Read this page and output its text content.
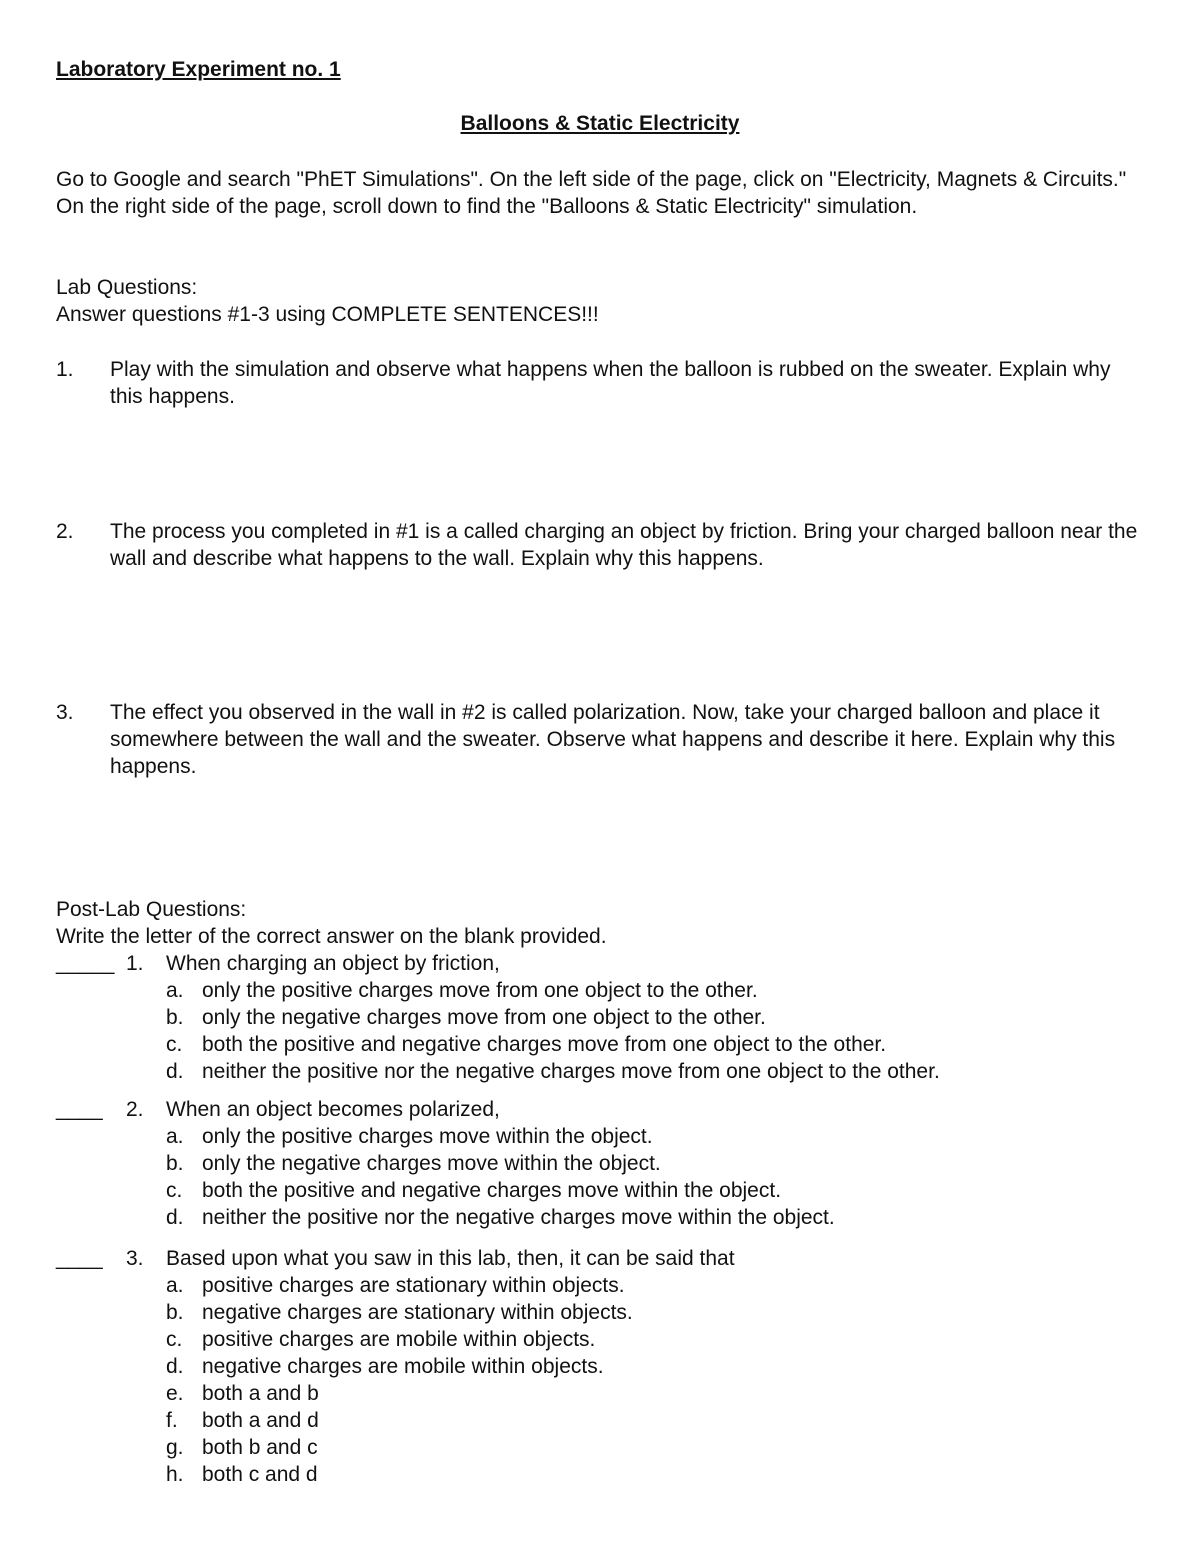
Laboratory Experiment no. 1

Balloons & Static Electricity

Go to Google and search "PhET Simulations". On the left side of the page, click on "Electricity, Magnets & Circuits." On the right side of the page, scroll down to find the "Balloons & Static Electricity" simulation.

Lab Questions:

Answer questions #1-3 using COMPLETE SENTENCES!!!

1.	Play with the simulation and observe what happens when the balloon is rubbed on the sweater. Explain why this happens.
2.	The process you completed in #1 is a called charging an object by friction. Bring your charged balloon near the wall and describe what happens to the wall. Explain why this happens.
3.	The effect you observed in the wall in #2 is called polarization. Now, take your charged balloon and place it somewhere between the wall and the sweater. Observe what happens and describe it here. Explain why this happens.

Post-Lab Questions:

Write the letter of the correct answer on the blank provided.

_____ 1.	When charging an object by friction,
a. only the positive charges move from one object to the other.
b. only the negative charges move from one object to the other.
c. both the positive and negative charges move from one object to the other.
d. neither the positive nor the negative charges move from one object to the other.
____	2.	When an object becomes polarized,
a. only the positive charges move within the object.
b. only the negative charges move within the object.
c. both the positive and negative charges move within the object.
d. neither the positive nor the negative charges move within the object.
____	3.	Based upon what you saw in this lab, then, it can be said that
a. positive charges are stationary within objects.
b. negative charges are stationary within objects.
c. positive charges are mobile within objects.
d. negative charges are mobile within objects.
e. both a and b
f.	both a and d
g. both b and c
h. both c and d
